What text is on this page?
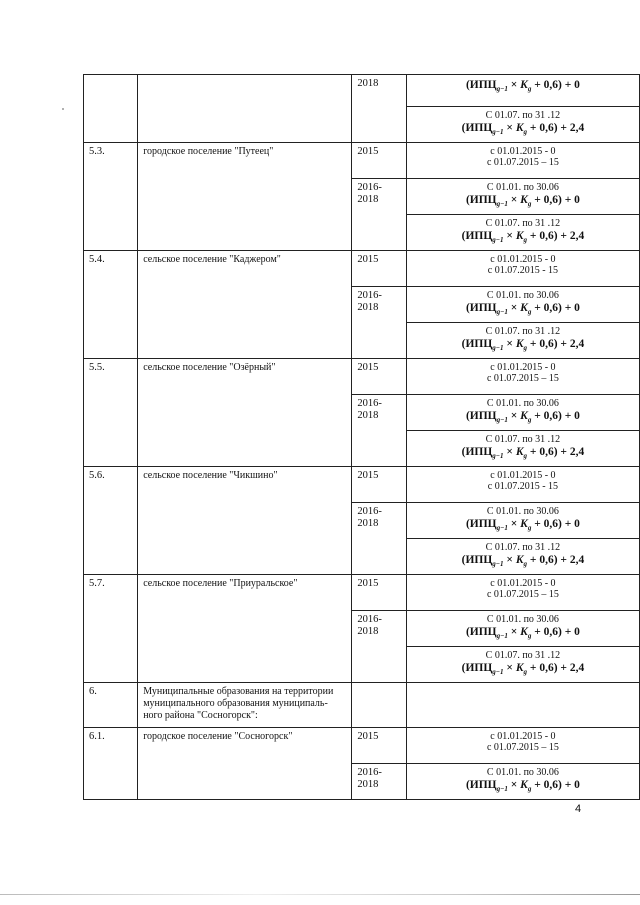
		2018	$(ИПЦ_{g-1} \times K_g + 0,6) + 0$

			С 01.07. по 31 .12
$(ИПЦ_{g-1} \times K_g + 0,6) + 2,4$

5.3.	городское поселение "Путеец"	2015	с 01.01.2015 - 0
с 01.07.2015 – 15

		2016-
2018	С 01.01. по 30.06
$(ИПЦ_{g-1} \times K_g + 0,6) + 0$

			С 01.07. по 31 .12
$(ИПЦ_{g-1} \times K_g + 0,6) + 2,4$

5.4.	сельское поселение "Каджером"	2015	с 01.01.2015 - 0
с 01.07.2015 - 15

		2016-
2018	С 01.01. по 30.06
$(ИПЦ_{g-1} \times K_g + 0,6) + 0$

			С 01.07. по 31 .12
$(ИПЦ_{g-1} \times K_g + 0,6) + 2,4$

5.5.	сельское поселение "Озёрный"	2015	с 01.01.2015 - 0
с 01.07.2015 – 15

		2016-
2018	С 01.01. по 30.06
$(ИПЦ_{g-1} \times K_g + 0,6) + 0$

			С 01.07. по 31 .12
$(ИПЦ_{g-1} \times K_g + 0,6) + 2,4$

5.6.	сельское поселение "Чикшино"	2015	с 01.01.2015 - 0
с 01.07.2015 - 15

		2016-
2018	С 01.01. по 30.06
$(ИПЦ_{g-1} \times K_g + 0,6) + 0$

			С 01.07. по 31 .12
$(ИПЦ_{g-1} \times K_g + 0,6) + 2,4$

5.7.	сельское поселение "Приуральское"	2015	с 01.01.2015 - 0
с 01.07.2015 – 15

		2016-
2018	С 01.01. по 30.06
$(ИПЦ_{g-1} \times K_g + 0,6) + 0$

			С 01.07. по 31 .12
$(ИПЦ_{g-1} \times K_g + 0,6) + 2,4$

6.	Муниципальные образования на территории муниципального образования муниципаль-ного района "Сосногорск":		
6.1.	городское поселение "Сосногорск"	2015	с 01.01.2015 - 0
с 01.07.2015 – 15

		2016-
2018	С 01.01. по 30.06
$(ИПЦ_{g-1} \times K_g + 0,6) + 0$
4
